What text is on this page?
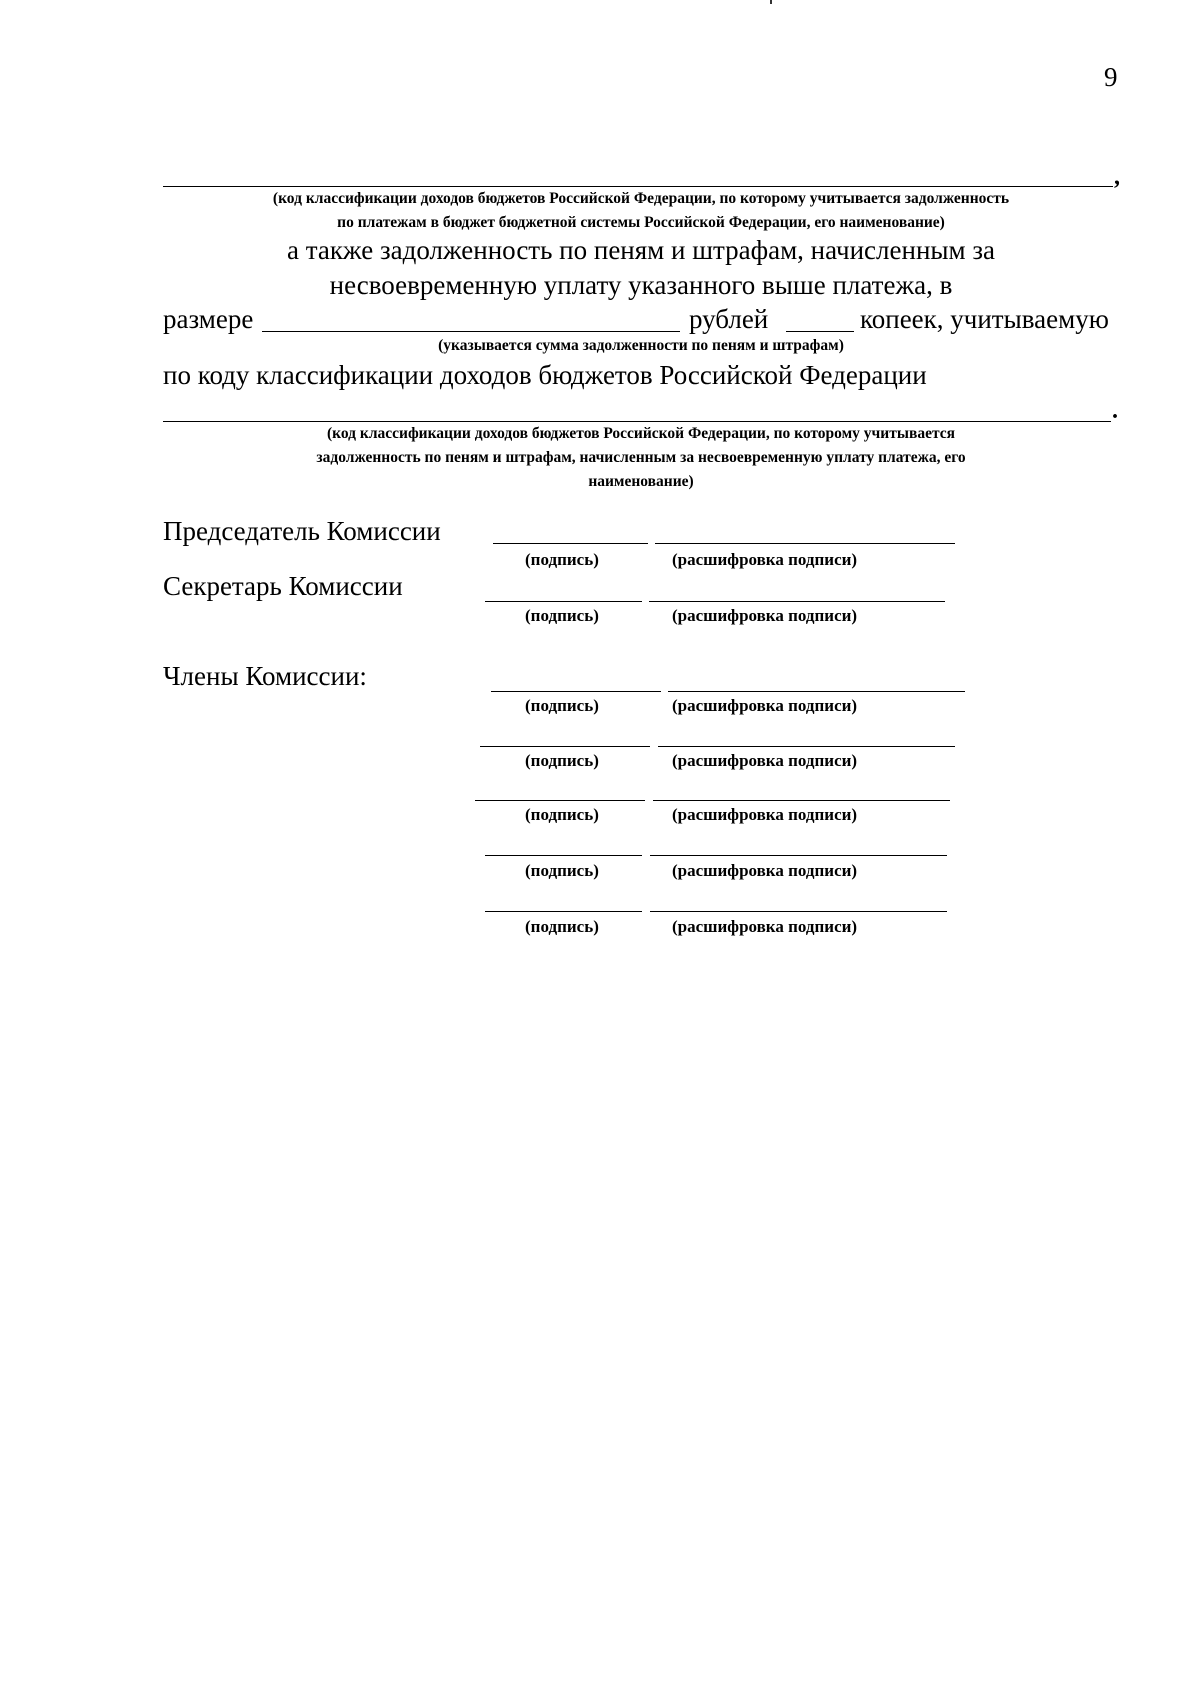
9
,
(код классификации доходов бюджетов Российской Федерации, по которому учитывается задолженность
по платежам в бюджет бюджетной системы Российской Федерации, его наименование)
а также задолженность по пеням и штрафам, начисленным за
несвоевременную уплату указанного выше платежа, в
размере	рублей	копеек, учитываемую
(указывается сумма задолженности по пеням и штрафам)
по коду классификации доходов бюджетов Российской Федерации
.
(код классификации доходов бюджетов Российской Федерации, по которому учитывается
задолженность по пеням и штрафам, начисленным за несвоевременную уплату платежа, его
наименование)
Председатель Комиссии
(подпись)	(расшифровка подписи)
Секретарь Комиссии
(подпись)	(расшифровка подписи)
Члены Комиссии:
(подпись)	(расшифровка подписи)
(подпись)	(расшифровка подписи)
(подпись)	(расшифровка подписи)
(подпись)	(расшифровка подписи)
(подпись)	(расшифровка подписи)
